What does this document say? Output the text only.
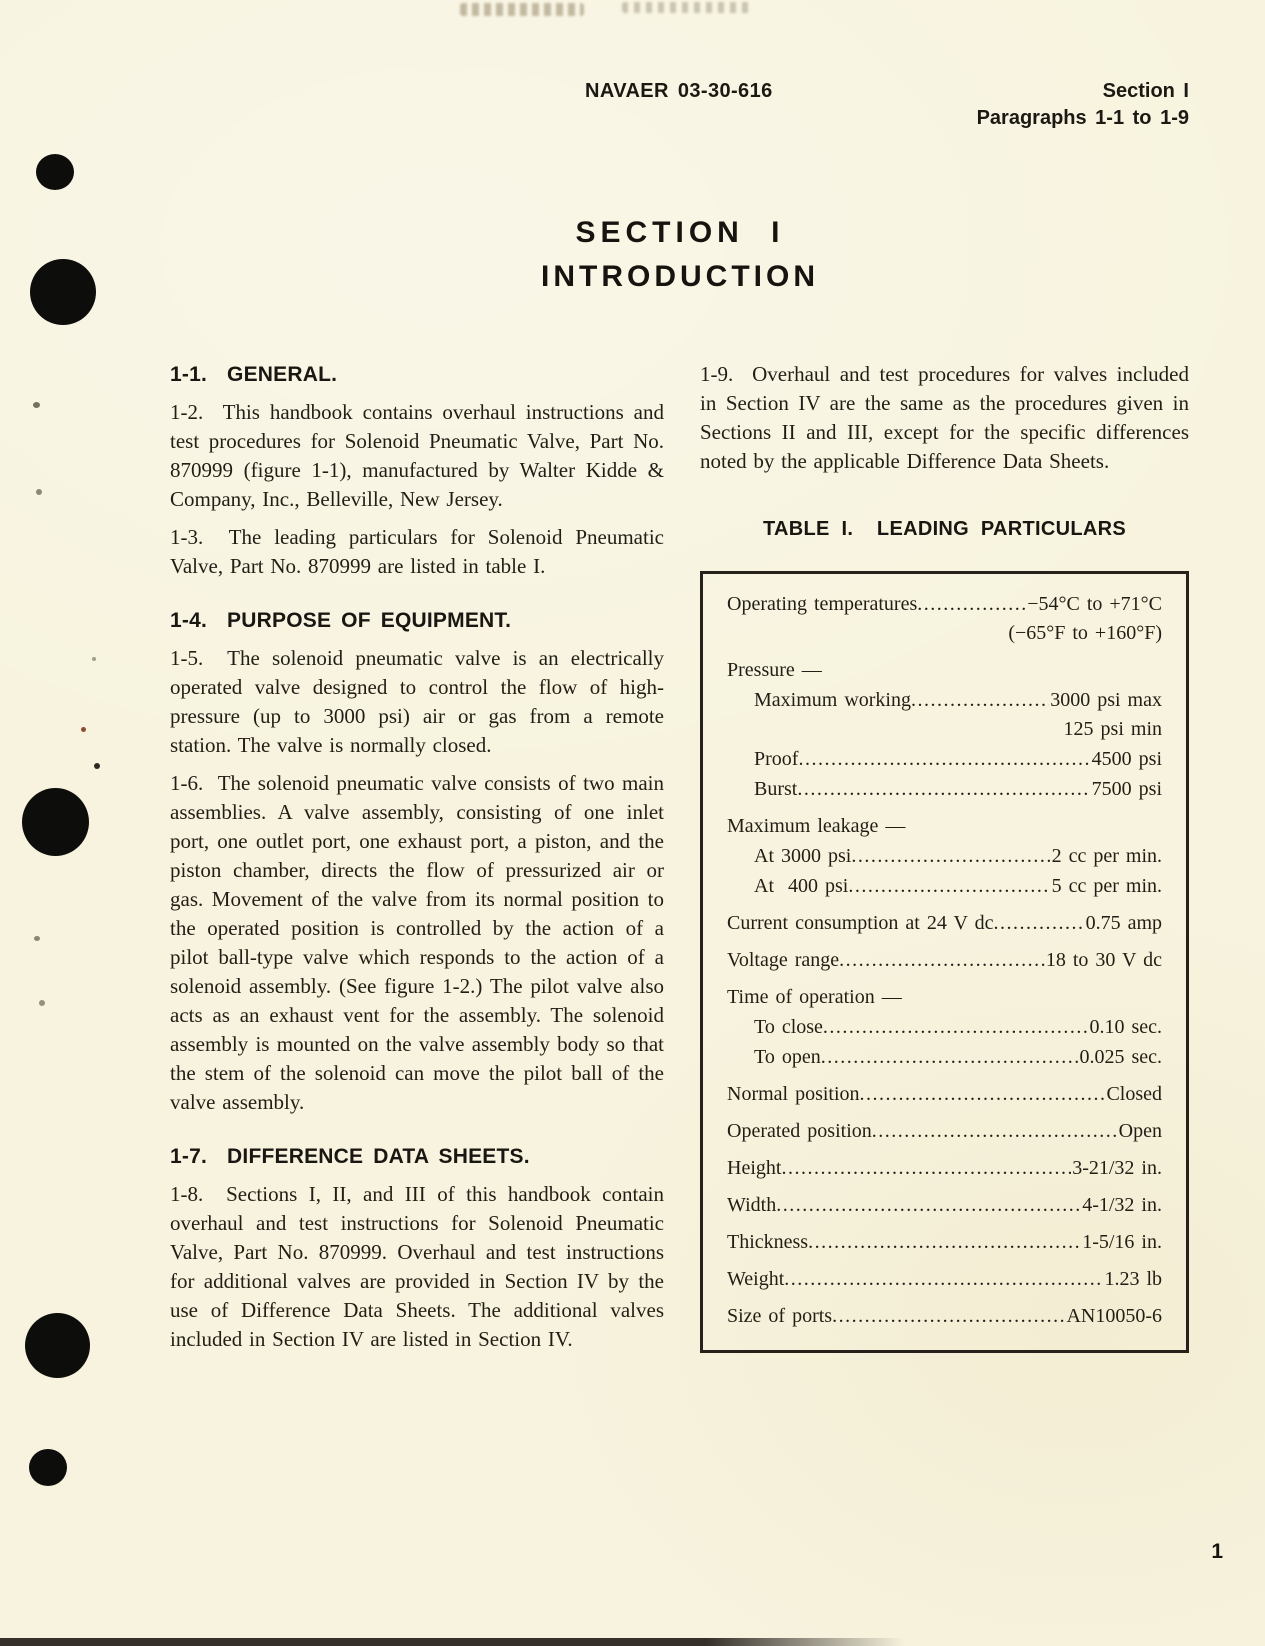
NAVAER 03-30-616	Section I
Paragraphs 1-1 to 1-9
SECTION I
INTRODUCTION
1-1.  GENERAL.

1-2.  This handbook contains overhaul instructions and test procedures for Solenoid Pneumatic Valve, Part No. 870999 (figure 1-1), manufactured by Walter Kidde & Company, Inc., Belleville, New Jersey.

1-3.  The leading particulars for Solenoid Pneumatic Valve, Part No. 870999 are listed in table I.

1-4.  PURPOSE OF EQUIPMENT.

1-5.  The solenoid pneumatic valve is an electrically operated valve designed to control the flow of high-pressure (up to 3000 psi) air or gas from a remote station. The valve is normally closed.

1-6.  The solenoid pneumatic valve consists of two main assemblies. A valve assembly, consisting of one inlet port, one outlet port, one exhaust port, a piston, and the piston chamber, directs the flow of pressurized air or gas. Movement of the valve from its normal position to the operated position is controlled by the action of a pilot ball-type valve which responds to the action of a solenoid assembly. (See figure 1-2.) The pilot valve also acts as an exhaust vent for the assembly. The solenoid assembly is mounted on the valve assembly body so that the stem of the solenoid can move the pilot ball of the valve assembly.

1-7.  DIFFERENCE DATA SHEETS.

1-8.  Sections I, II, and III of this handbook contain overhaul and test instructions for Solenoid Pneumatic Valve, Part No. 870999. Overhaul and test instructions for additional valves are provided in Section IV by the use of Difference Data Sheets. The additional valves included in Section IV are listed in Section IV.

1-9.  Overhaul and test procedures for valves included in Section IV are the same as the procedures given in Sections II and III, except for the specific differences noted by the applicable Difference Data Sheets.

TABLE I.  LEADING PARTICULARS
Operating temperatures .....	−54°C to +71°C
(−65°F to +160°F)
Pressure —
Maximum working .....	3000 psi max
125 psi min
Proof .....	4500 psi
Burst .....	7500 psi
Maximum leakage —
At 3000 psi .....	2 cc per min.
At  400 psi .....	5 cc per min.
Current consumption at 24 V dc .....	0.75 amp
Voltage range .....	18 to 30 V dc
Time of operation —
To close .....	0.10 sec.
To open .....	0.025 sec.
Normal position .....	Closed
Operated position .....	Open
Height .....	3-21/32 in.
Width .....	4-1/32 in.
Thickness .....	1-5/16 in.
Weight .....	1.23 lb
Size of ports .....	AN10050-6
1
